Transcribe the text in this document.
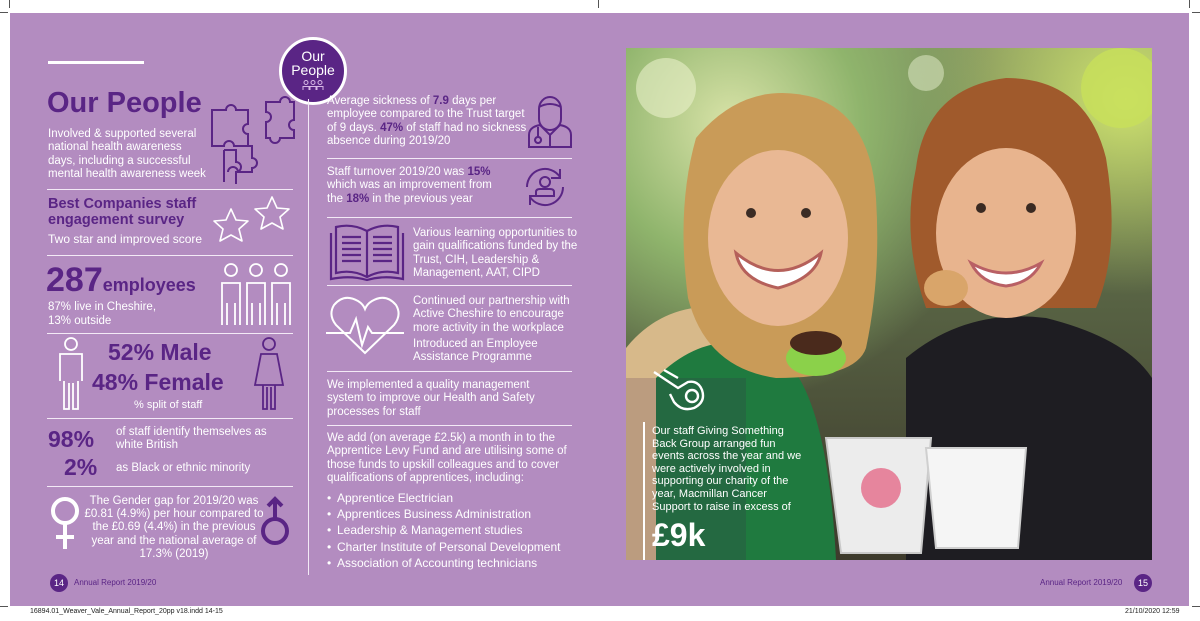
16894.01_Weaver_Vale_Annual_Report_20pp v18.indd 14-15	21/10/2020 12:59
Our
People
Our People
Involved & supported several national health awareness days, including a successful mental health awareness week
Best Companies staff engagement survey
Two star and improved score
287employees
87% live in Cheshire,
13% outside
52% Male
48% Female
% split of staff
98% of staff identify themselves as white British
2% as Black or ethnic minority
The Gender gap for 2019/20 was £0.81 (4.9%) per hour compared to the £0.69 (4.4%) in the previous year and the national average of 17.3% (2019)
14	Annual Report 2019/20
Average sickness of 7.9 days per employee compared to the Trust target of 9 days. 47% of staff had no sickness absence during 2019/20
Staff turnover 2019/20 was 15% which was an improvement from the 18% in the previous year
Various learning opportunities to gain qualifications funded by the Trust, CIH, Leadership & Management, AAT, CIPD
Continued our partnership with Active Cheshire to encourage more activity in the workplace
Introduced an Employee Assistance Programme
We implemented a quality management system to improve our Health and Safety processes for staff
We add (on average £2.5k) a month in to the Apprentice Levy Fund and are utilising some of those funds to upskill colleagues and to cover qualifications of apprentices, including:
• Apprentice Electrician
• Apprentices Business Administration
• Leadership & Management studies
• Charter Institute of Personal Development
• Association of Accounting technicians
Our staff Giving Something Back Group arranged fun events across the year and we were actively involved in supporting our charity of the year, Macmillan Cancer Support to raise in excess of
£9k
Annual Report 2019/20	15
